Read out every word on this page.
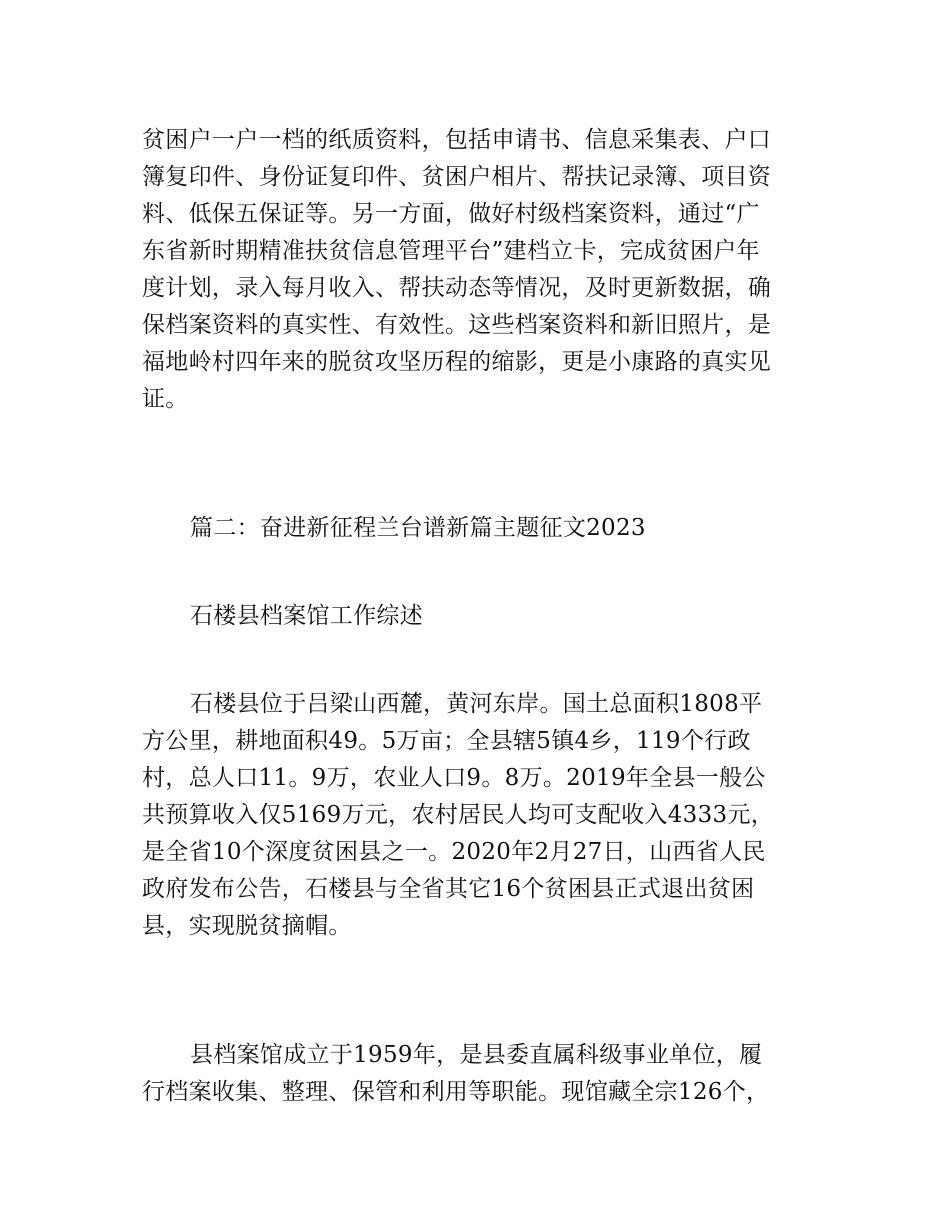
贫困户一户一档的纸质资料，包括申请书、信息采集表、户口
簿复印件、身份证复印件、贫困户相片、帮扶记录簿、项目资
料、低保五保证等。另一方面，做好村级档案资料，通过“广
东省新时期精准扶贫信息管理平台”建档立卡，完成贫困户年
度计划，录入每月收入、帮扶动态等情况，及时更新数据，确
保档案资料的真实性、有效性。这些档案资料和新旧照片，是
福地岭村四年来的脱贫攻坚历程的缩影，更是小康路的真实见
证。
篇二：奋进新征程兰台谱新篇主题征文2023
石楼县档案馆工作综述
石楼县位于吕梁山西麓，黄河东岸。国土总面积1808平
方公里，耕地面积49。5万亩；全县辖5镇4乡，119个行政
村，总人口11。9万，农业人口9。8万。2019年全县一般公
共预算收入仅5169万元，农村居民人均可支配收入4333元，
是全省10个深度贫困县之一。2020年2月27日，山西省人民
政府发布公告，石楼县与全省其它16个贫困县正式退出贫困
县，实现脱贫摘帽。
县档案馆成立于1959年，是县委直属科级事业单位，履
行档案收集、整理、保管和利用等职能。现馆藏全宗126个，
